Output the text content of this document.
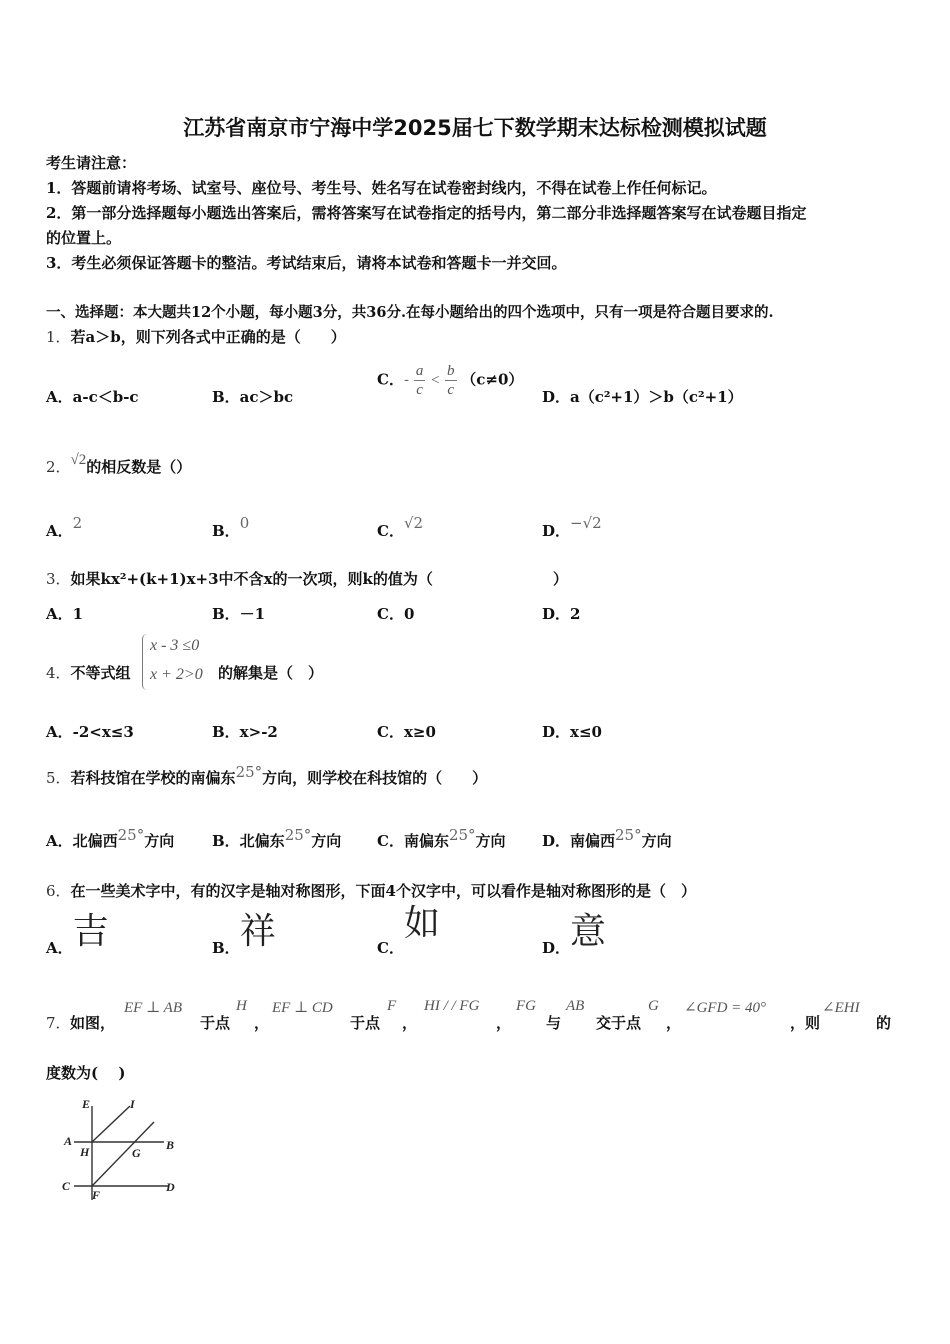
江苏省南京市宁海中学2025届七下数学期末达标检测模拟试题
考生请注意：
1．答题前请将考场、试室号、座位号、考生号、姓名写在试卷密封线内，不得在试卷上作任何标记。
2．第一部分选择题每小题选出答案后，需将答案写在试卷指定的括号内，第二部分非选择题答案写在试卷题目指定
的位置上。
3．考生必须保证答题卡的整洁。考试结束后，请将本试卷和答题卡一并交回。
一、选择题：本大题共12个小题，每小题3分，共36分.在每小题给出的四个选项中，只有一项是符合题目要求的.
1．若a＞b，则下列各式中正确的是（　　）
A．a-c＜b-c	B．ac＞bc
C．- $\frac{a}{c} < \frac{b}{c} (c\ne 0)$
D．a（c²+1）＞b（c²+1）
2．√2的相反数是（）
A．2	B．0	C．√2	D．−√2
3．如果kx²+(k+1)x+3中不含x的一次项，则k的值为（　　　　　　　　）
A．1	B．－1	C．0	D．2
4．不等式组
x - 3 ≤0
x + 2>0 的解集是（　）
A．-2<x≤3	B．x>-2	C．x≥0	D．x≤0
5．若科技馆在学校的南偏东25°方向，则学校在科技馆的（　　）
A．北偏西25°方向	B．北偏东25°方向 C．南偏东25°方向 D．南偏西25°方向
6．在一些美术字中，有的汉字是轴对称图形，下面4个汉字中，可以看作是轴对称图形的是（　）
A．吉	B．祥	C．如
D．意
7． 如图，
EF ⊥ AB
于点
H
，
EF ⊥ CD
于点
F
，
HI / / FG
，
FG
与
AB
交于点
G
，
∠GFD = 40°
，则
∠EHI
的
度数为(　 )
E	I
A
H	G
B
C
F
D
